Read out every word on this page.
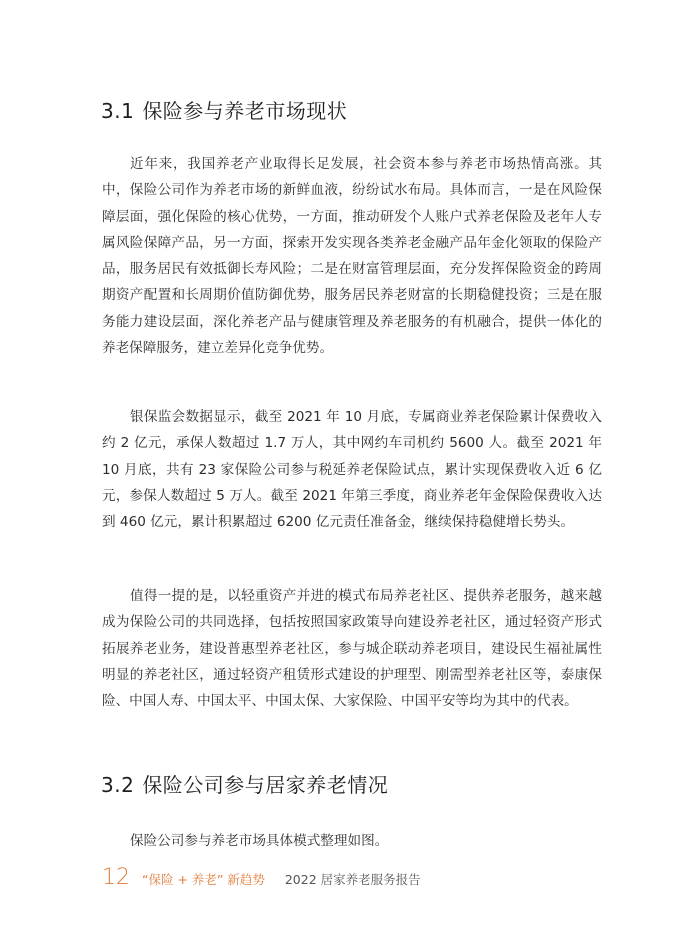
3.1 保险参与养老市场现状

近年来，我国养老产业取得长足发展，社会资本参与养老市场热情高涨。其中，保险公司作为养老市场的新鲜血液，纷纷试水布局。具体而言，一是在风险保障层面，强化保险的核心优势，一方面，推动研发个人账户式养老保险及老年人专属风险保障产品，另一方面，探索开发实现各类养老金融产品年金化领取的保险产品，服务居民有效抵御长寿风险；二是在财富管理层面，充分发挥保险资金的跨周期资产配置和长周期价值防御优势，服务居民养老财富的长期稳健投资；三是在服务能力建设层面，深化养老产品与健康管理及养老服务的有机融合，提供一体化的养老保障服务，建立差异化竞争优势。

银保监会数据显示，截至 2021 年 10 月底，专属商业养老保险累计保费收入约 2 亿元，承保人数超过 1.7 万人，其中网约车司机约 5600 人。截至 2021 年 10 月底，共有 23 家保险公司参与税延养老保险试点，累计实现保费收入近 6 亿元，参保人数超过 5 万人。截至 2021 年第三季度，商业养老年金保险保费收入达到 460 亿元，累计积累超过 6200 亿元责任准备金，继续保持稳健增长势头。

值得一提的是，以轻重资产并进的模式布局养老社区、提供养老服务，越来越成为保险公司的共同选择，包括按照国家政策导向建设养老社区，通过轻资产形式拓展养老业务，建设普惠型养老社区，参与城企联动养老项目，建设民生福祉属性明显的养老社区，通过轻资产租赁形式建设的护理型、刚需型养老社区等，泰康保险、中国人寿、中国太平、中国太保、大家保险、中国平安等均为其中的代表。

3.2 保险公司参与居家养老情况

保险公司参与养老市场具体模式整理如图。

12 “保险 + 养老” 新趋势 2022 居家养老服务报告
